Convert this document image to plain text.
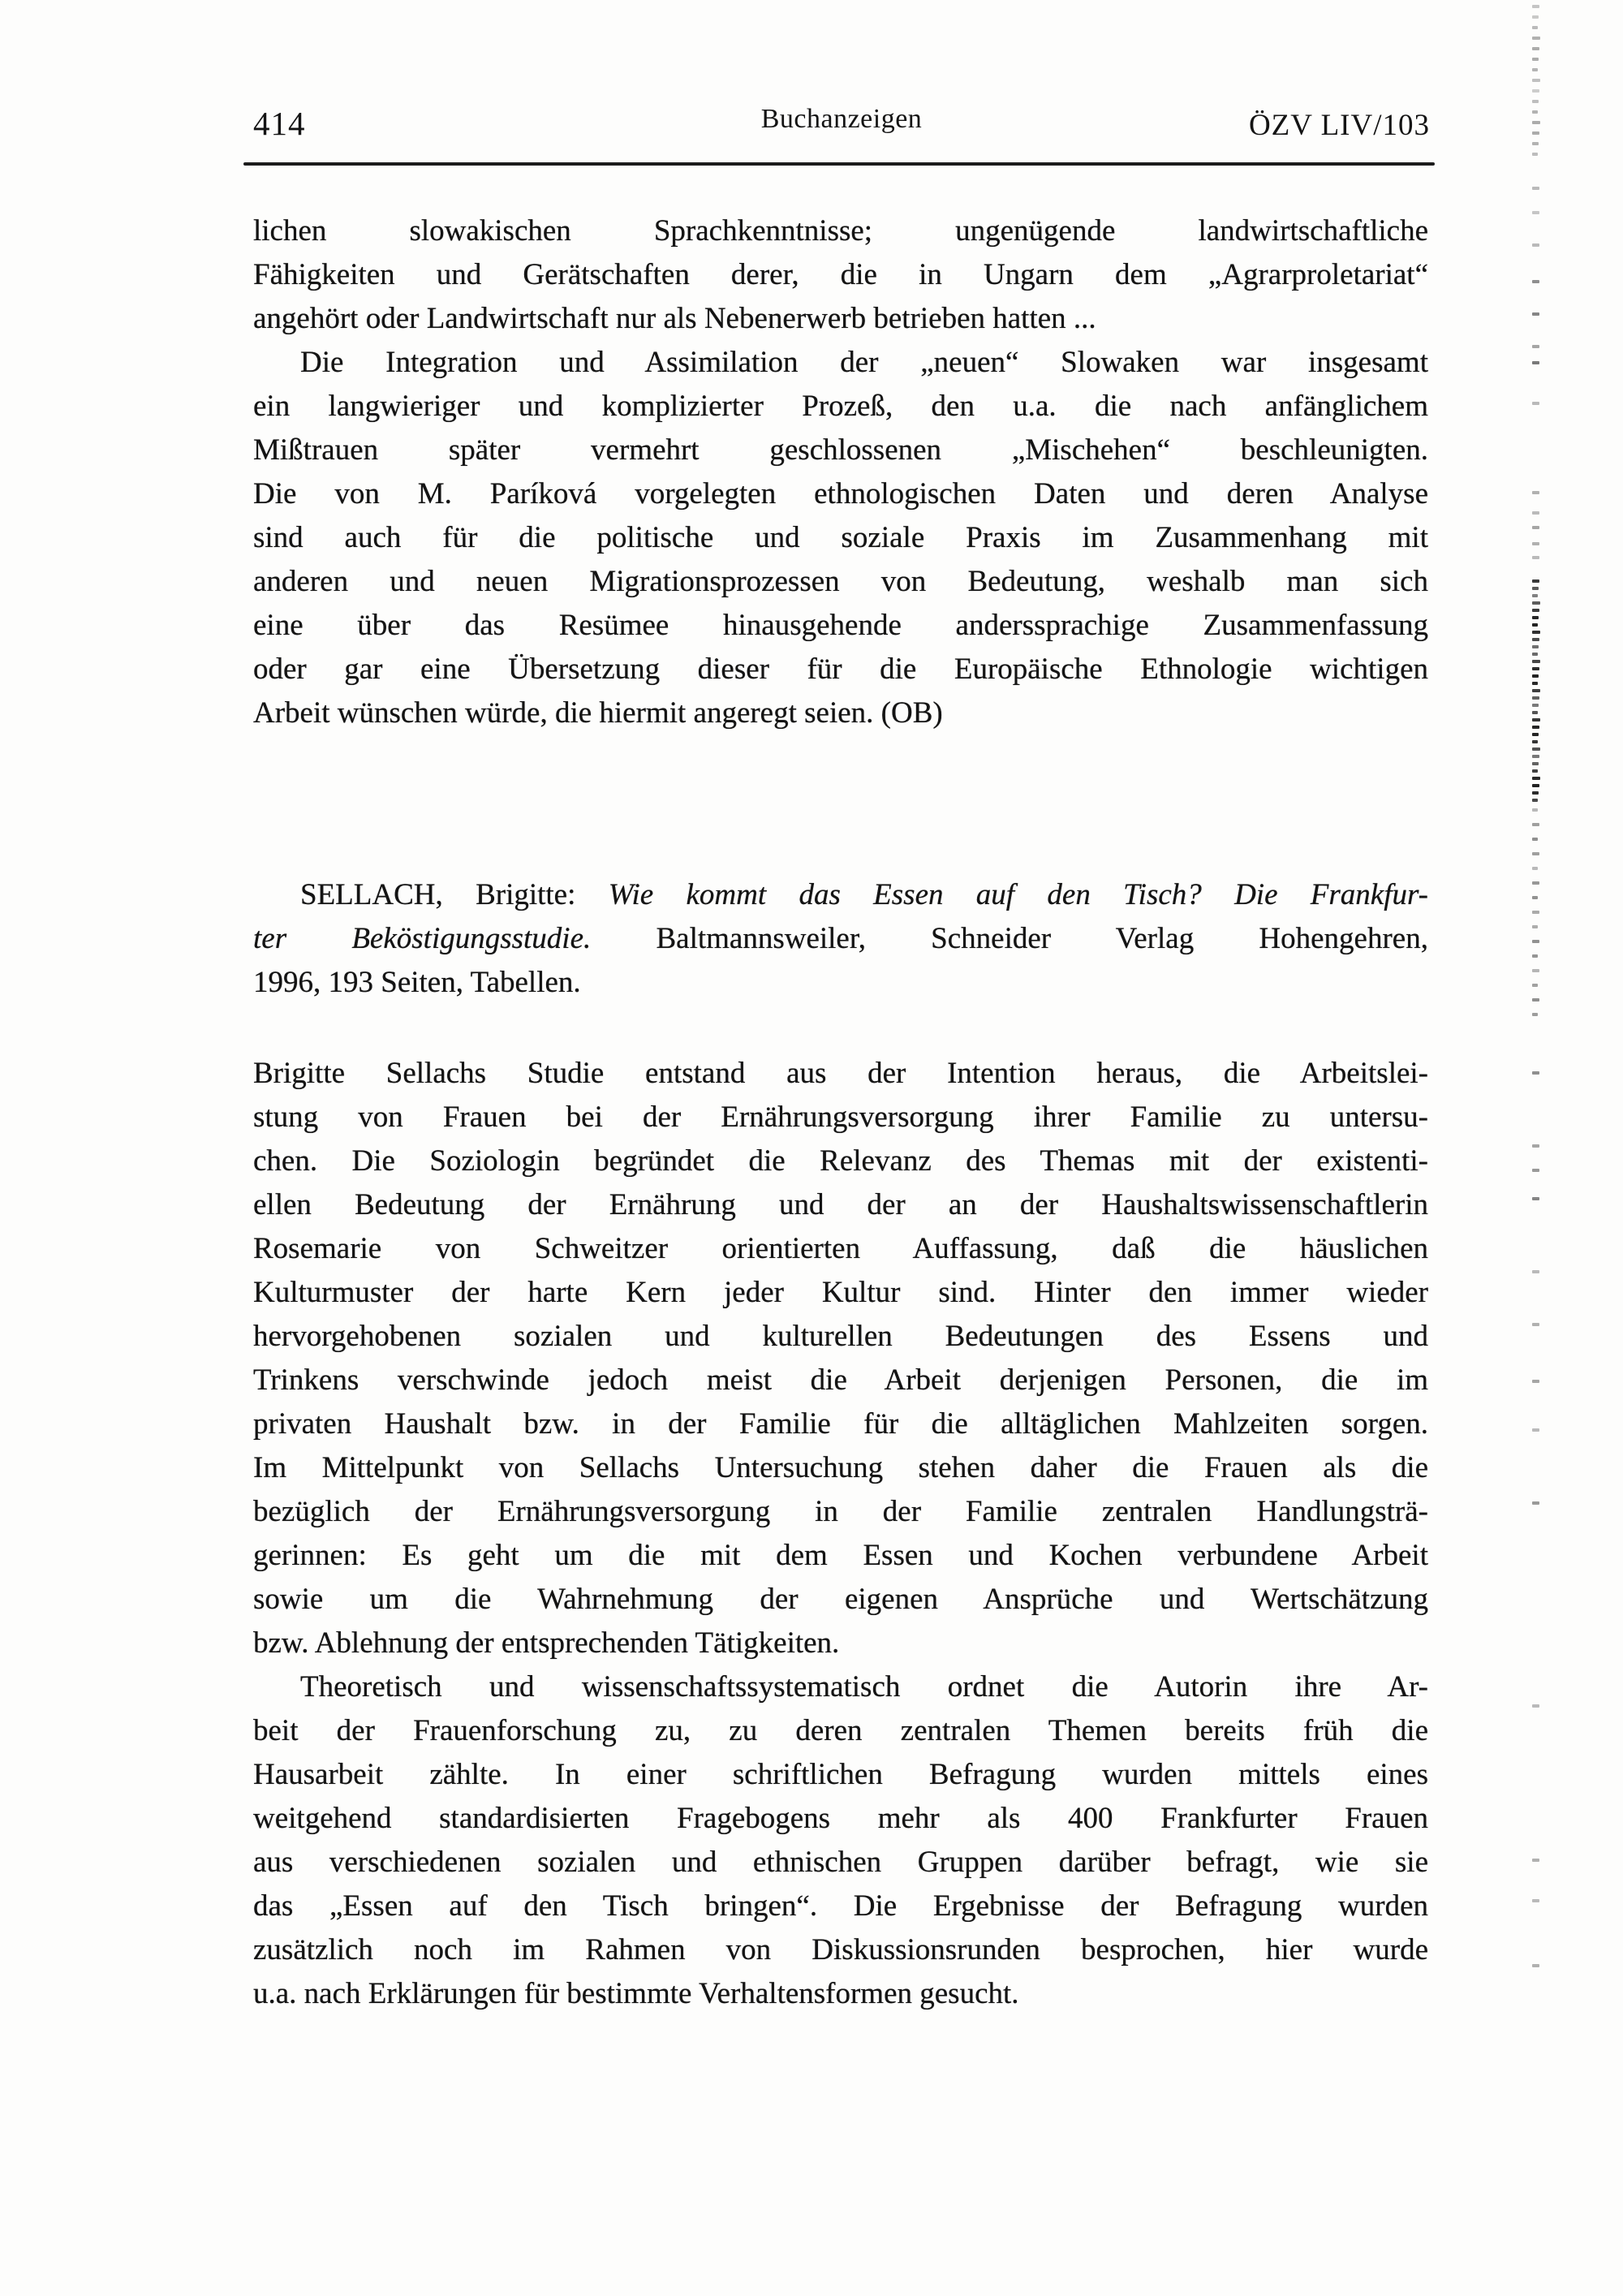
414	Buchanzeigen	ÖZV LIV/103
lichen slowakischen Sprachkenntnisse; ungenügende landwirtschaftliche
Fähigkeiten und Gerätschaften derer, die in Ungarn dem „Agrarproletariat“
angehört oder Landwirtschaft nur als Nebenerwerb betrieben hatten ...
Die Integration und Assimilation der „neuen“ Slowaken war insgesamt
ein langwieriger und komplizierter Prozeß, den u.a. die nach anfänglichem
Mißtrauen später vermehrt geschlossenen „Mischehen“ beschleunigten.
Die von M. Paríková vorgelegten ethnologischen Daten und deren Analyse
sind auch für die politische und soziale Praxis im Zusammenhang mit
anderen und neuen Migrationsprozessen von Bedeutung, weshalb man sich
eine über das Resümee hinausgehende anderssprachige Zusammenfassung
oder gar eine Übersetzung dieser für die Europäische Ethnologie wichtigen
Arbeit wünschen würde, die hiermit angeregt seien. (OB)
SELLACH, Brigitte: Wie kommt das Essen auf den Tisch? Die Frankfur-
ter Beköstigungsstudie. Baltmannsweiler, Schneider Verlag Hohengehren,
1996, 193 Seiten, Tabellen.
Brigitte Sellachs Studie entstand aus der Intention heraus, die Arbeitslei-
stung von Frauen bei der Ernährungsversorgung ihrer Familie zu untersu-
chen. Die Soziologin begründet die Relevanz des Themas mit der existenti-
ellen Bedeutung der Ernährung und der an der Haushaltswissenschaftlerin
Rosemarie von Schweitzer orientierten Auffassung, daß die häuslichen
Kulturmuster der harte Kern jeder Kultur sind. Hinter den immer wieder
hervorgehobenen sozialen und kulturellen Bedeutungen des Essens und
Trinkens verschwinde jedoch meist die Arbeit derjenigen Personen, die im
privaten Haushalt bzw. in der Familie für die alltäglichen Mahlzeiten sorgen.
Im Mittelpunkt von Sellachs Untersuchung stehen daher die Frauen als die
bezüglich der Ernährungsversorgung in der Familie zentralen Handlungsträ-
gerinnen: Es geht um die mit dem Essen und Kochen verbundene Arbeit
sowie um die Wahrnehmung der eigenen Ansprüche und Wertschätzung
bzw. Ablehnung der entsprechenden Tätigkeiten.
Theoretisch und wissenschaftssystematisch ordnet die Autorin ihre Ar-
beit der Frauenforschung zu, zu deren zentralen Themen bereits früh die
Hausarbeit zählte. In einer schriftlichen Befragung wurden mittels eines
weitgehend standardisierten Fragebogens mehr als 400 Frankfurter Frauen
aus verschiedenen sozialen und ethnischen Gruppen darüber befragt, wie sie
das „Essen auf den Tisch bringen“. Die Ergebnisse der Befragung wurden
zusätzlich noch im Rahmen von Diskussionsrunden besprochen, hier wurde
u.a. nach Erklärungen für bestimmte Verhaltensformen gesucht.
